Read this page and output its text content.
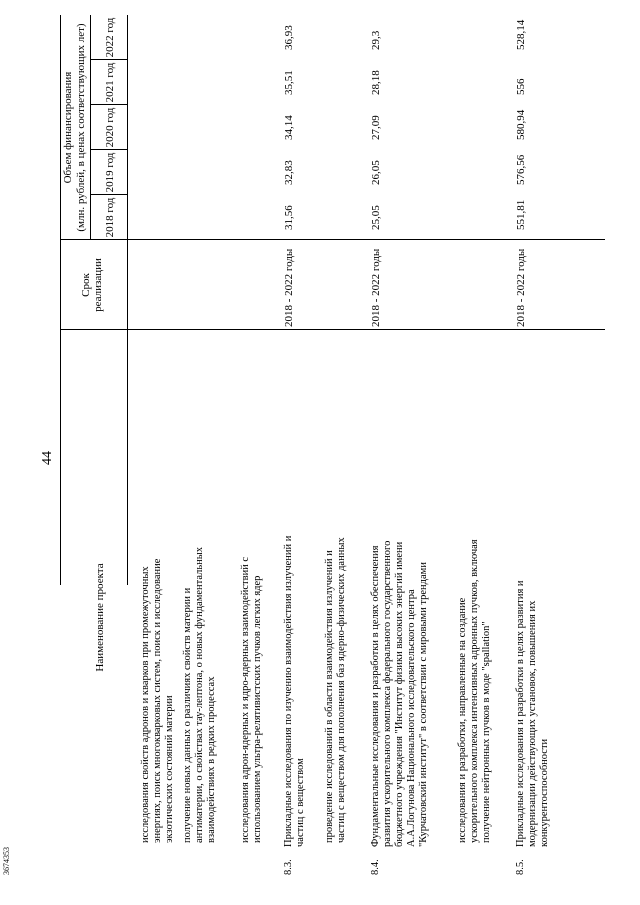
44
3674353
Наименование проекта
Срок реализации
Объем финансирования (млн. рублей, в ценах соответствующих лет) 2018 год
2019 год
2020 год
2021 год
2022 год
исследования свойств адронов и кварков при промежуточных энергиях, поиск многокварковых систем, поиск и исследование экзотических состояний материи получение новых данных о различиях свойств материи и антиматерии, о свойствах тау-лептона, о новых фундаментальных взаимодействиях в редких процессах исследования адрон-ядерных и ядро-ядерных взаимодействий с использованием ультра-релятивистских пучков легких ядер
8.3.
Прикладные исследования по изучению взаимодействия излучений и частиц с веществом
2018 - 2022 годы
31,56
32,83
34,14
35,51
36,93
проведение исследований в области взаимодействия излучений и частиц с веществом для пополнения баз ядерно-физических данных
8.4.
Фундаментальные исследования и разработки в целях обеспечения развития ускорительного комплекса федерального государственного бюджетного учреждения "Институт физики высоких энергий имени А.А.Логунова Национального исследовательского центра "Курчатовский институт" в соответствии с мировыми трендами
2018 - 2022 годы
25,05
26,05
27,09
28,18
29,3
исследования и разработки, направленные на создание ускорительного комплекса интенсивных адронных пучков, включая получение нейтронных пучков в моде "spallation"
8.5.
Прикладные исследования и разработки в целях развития и модернизации действующих установок, повышения их конкурентоспособности
2018 - 2022 годы
551,81
576,56
580,94
556
528,14
